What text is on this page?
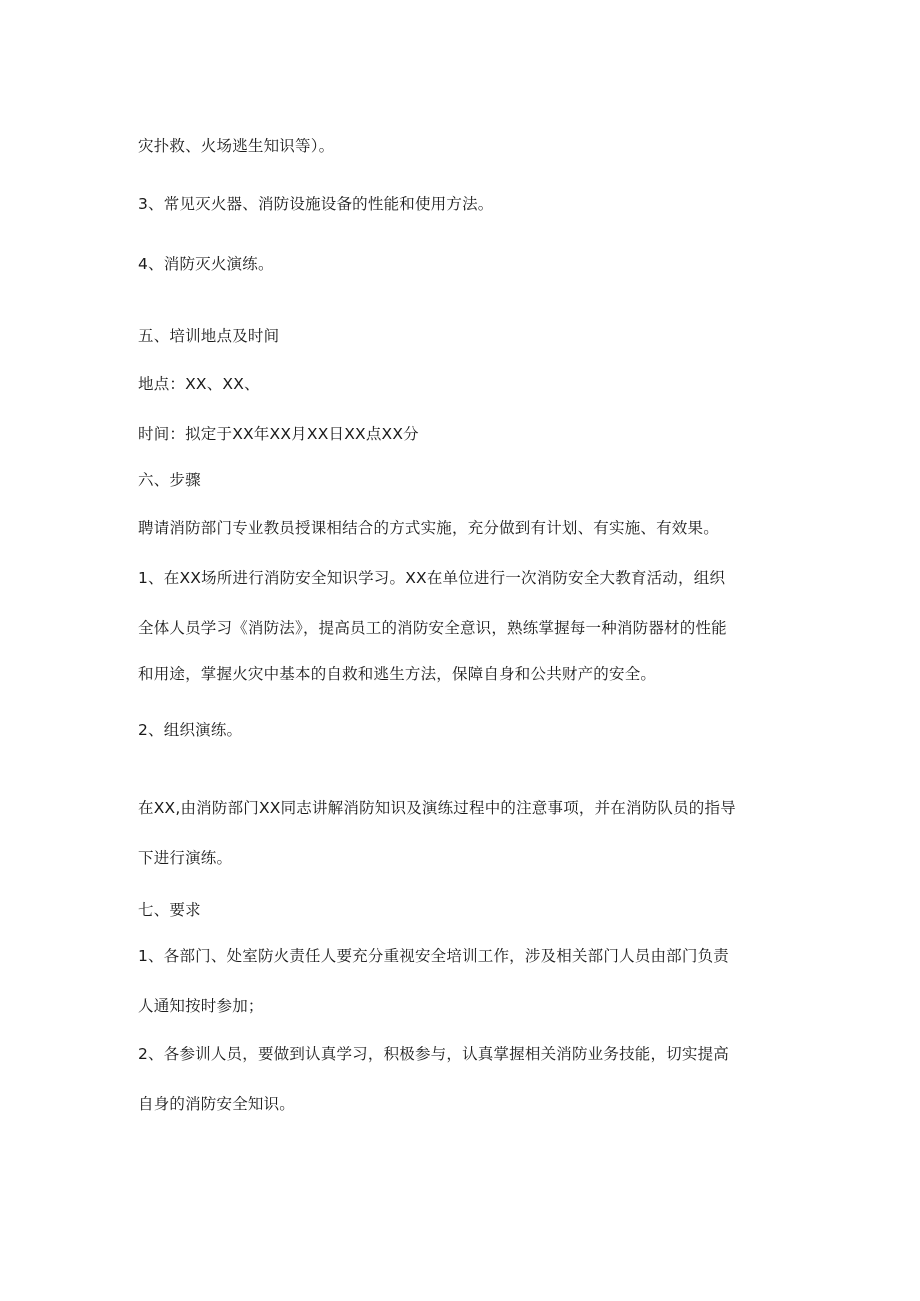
灾扑救、火场逃生知识等）。
3、常见灭火器、消防设施设备的性能和使用方法。
4、消防灭火演练。
五、培训地点及时间
地点：XX、XX、
时间：拟定于XX年XX月XX日XX点XX分
六、步骤
聘请消防部门专业教员授课相结合的方式实施，充分做到有计划、有实施、有效果。
1、在XX场所进行消防安全知识学习。XX在单位进行一次消防安全大教育活动，组织
全体人员学习《消防法》，提高员工的消防安全意识，熟练掌握每一种消防器材的性能
和用途，掌握火灾中基本的自救和逃生方法，保障自身和公共财产的安全。
2、组织演练。
在XX,由消防部门XX同志讲解消防知识及演练过程中的注意事项，并在消防队员的指导
下进行演练。
七、要求
1、各部门、处室防火责任人要充分重视安全培训工作，涉及相关部门人员由部门负责
人通知按时参加；
2、各参训人员，要做到认真学习，积极参与，认真掌握相关消防业务技能，切实提高
自身的消防安全知识。
